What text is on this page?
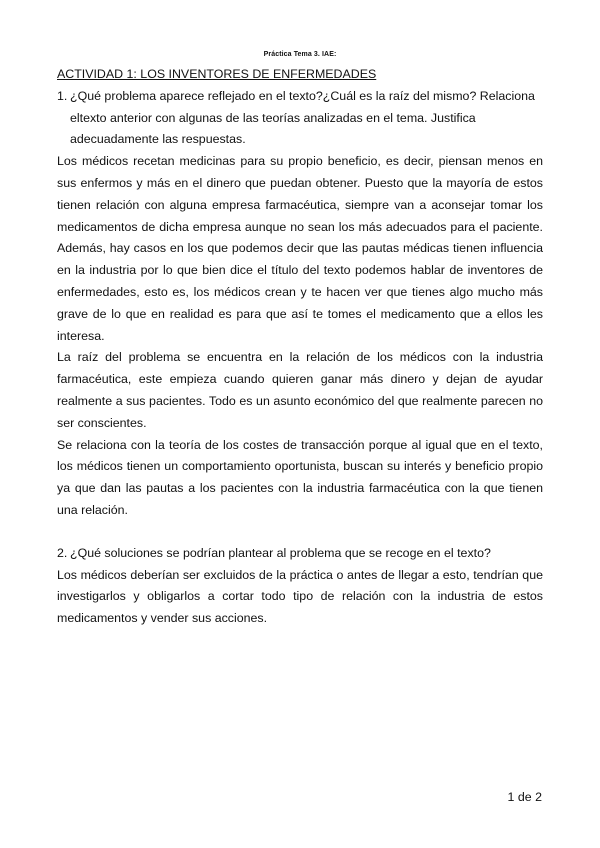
Práctica Tema 3. IAE:

ACTIVIDAD 1: LOS INVENTORES DE ENFERMEDADES

1. ¿Qué problema aparece reflejado en el texto?¿Cuál es la raíz del mismo? Relaciona eltexto anterior con algunas de las teorías analizadas en el tema. Justifica adecuadamente las respuestas.

Los médicos recetan medicinas para su propio beneficio, es decir, piensan menos en sus enfermos y más en el dinero que puedan obtener. Puesto que la mayoría de estos tienen relación con alguna empresa farmacéutica, siempre van a aconsejar tomar los medicamentos de dicha empresa aunque no sean los más adecuados para el paciente. Además, hay casos en los que podemos decir que las pautas médicas tienen influencia en la industria por lo que bien dice el título del texto podemos hablar de inventores de enfermedades, esto es, los médicos crean y te hacen ver que tienes algo mucho más grave de lo que en realidad es para que así te tomes el medicamento que a ellos les interesa.

La raíz del problema se encuentra en la relación de los médicos con la industria farmacéutica, este empieza cuando quieren ganar más dinero y dejan de ayudar realmente a sus pacientes. Todo es un asunto económico del que realmente parecen no ser conscientes.

Se relaciona con la teoría de los costes de transacción porque al igual que en el texto, los médicos tienen un comportamiento oportunista, buscan su interés y beneficio propio ya que dan las pautas a los pacientes con la industria farmacéutica con la que tienen una relación.

2. ¿Qué soluciones se podrían plantear al problema que se recoge en el texto?

Los médicos deberían ser excluidos de la práctica o antes de llegar a esto, tendrían que investigarlos y obligarlos a cortar todo tipo de relación con la industria de estos medicamentos y vender sus acciones.

1 de 2
